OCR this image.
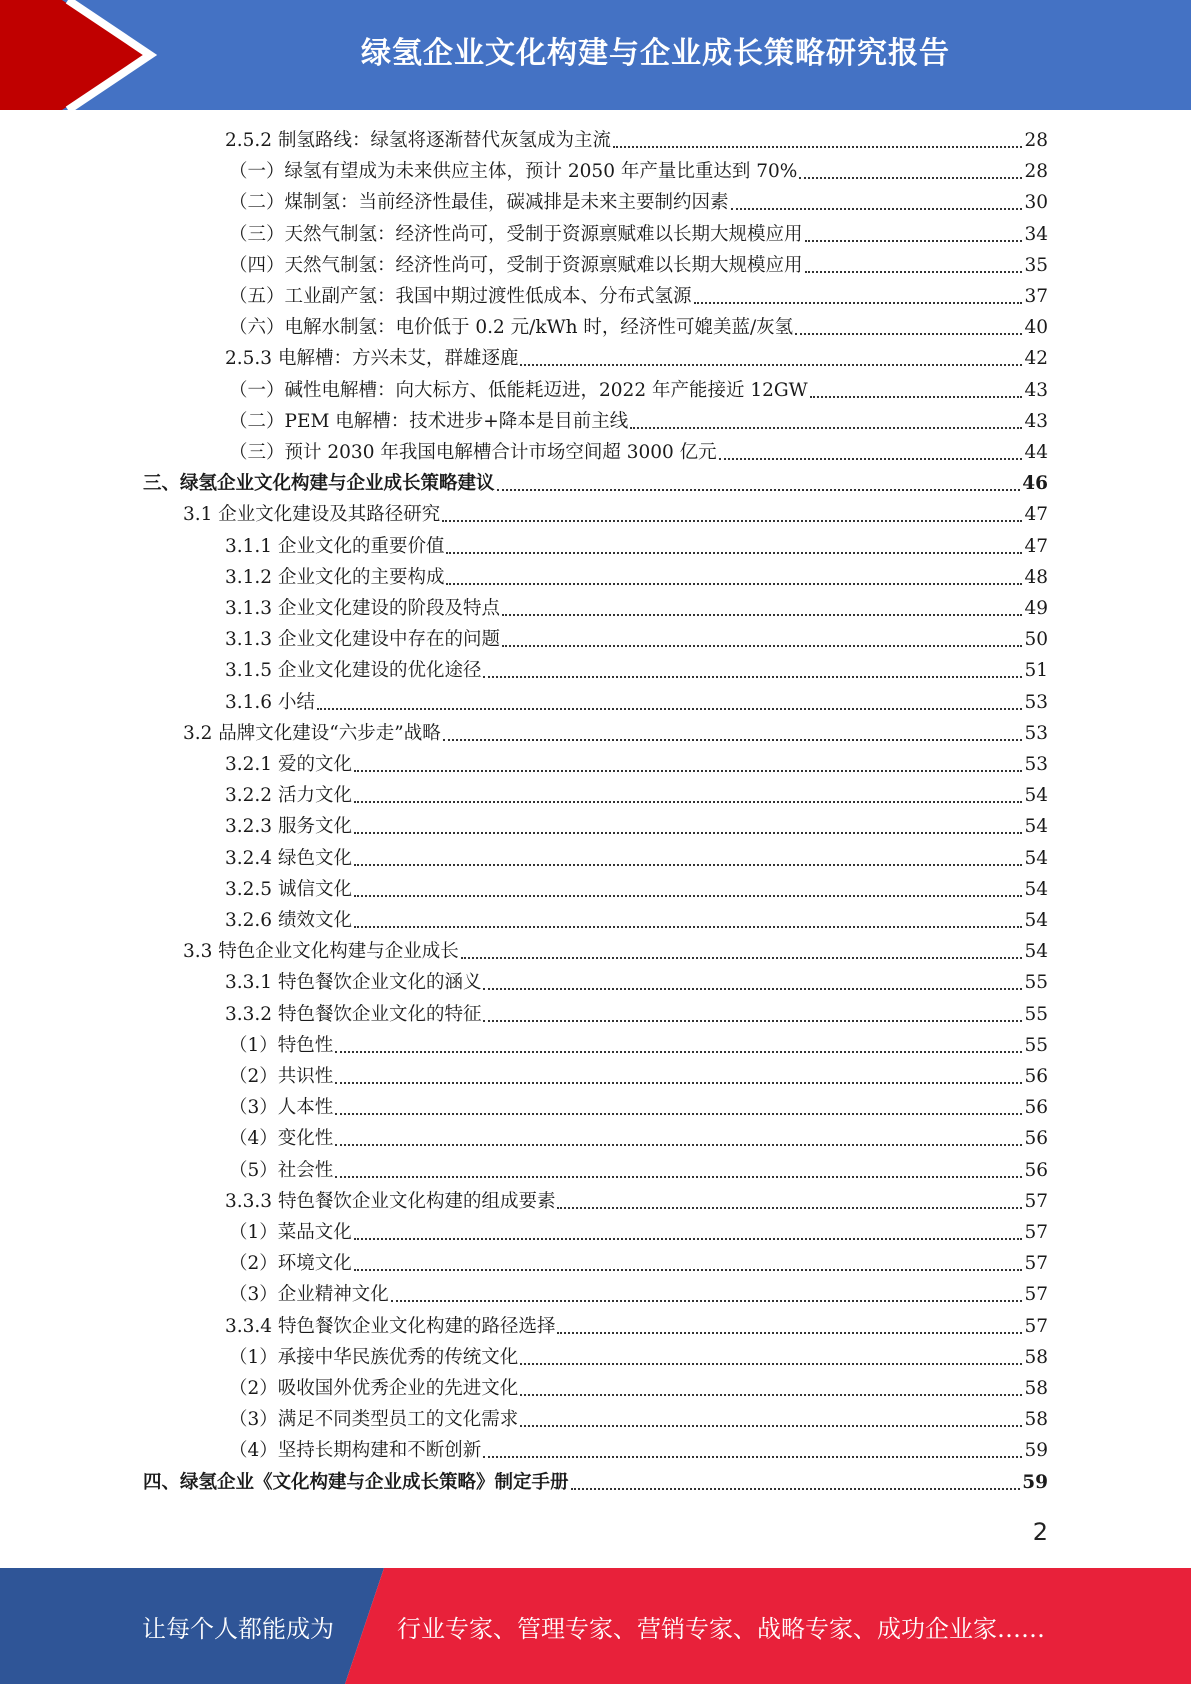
绿氢企业文化构建与企业成长策略研究报告
2.5.2 制氢路线：绿氢将逐渐替代灰氢成为主流	28
（一）绿氢有望成为未来供应主体，预计 2050 年产量比重达到 70%	28
（二）煤制氢：当前经济性最佳，碳减排是未来主要制约因素	30
（三）天然气制氢：经济性尚可，受制于资源禀赋难以长期大规模应用	34
（四）天然气制氢：经济性尚可，受制于资源禀赋难以长期大规模应用	35
（五）工业副产氢：我国中期过渡性低成本、分布式氢源	37
（六）电解水制氢：电价低于 0.2 元/kWh 时，经济性可媲美蓝/灰氢	40
2.5.3 电解槽：方兴未艾，群雄逐鹿	42
（一）碱性电解槽：向大标方、低能耗迈进，2022 年产能接近 12GW	43
（二）PEM 电解槽：技术进步+降本是目前主线	43
（三）预计 2030 年我国电解槽合计市场空间超 3000 亿元	44
三、绿氢企业文化构建与企业成长策略建议	46
3.1 企业文化建设及其路径研究	47
3.1.1 企业文化的重要价值	47
3.1.2 企业文化的主要构成	48
3.1.3 企业文化建设的阶段及特点	49
3.1.3 企业文化建设中存在的问题	50
3.1.5 企业文化建设的优化途径	51
3.1.6 小结	53
3.2 品牌文化建设“六步走”战略	53
3.2.1 爱的文化	53
3.2.2 活力文化	54
3.2.3 服务文化	54
3.2.4 绿色文化	54
3.2.5 诚信文化	54
3.2.6 绩效文化	54
3.3 特色企业文化构建与企业成长	54
3.3.1 特色餐饮企业文化的涵义	55
3.3.2 特色餐饮企业文化的特征	55
（1）特色性	55
（2）共识性	56
（3）人本性	56
（4）变化性	56
（5）社会性	56
3.3.3 特色餐饮企业文化构建的组成要素	57
（1）菜品文化	57
（2）环境文化	57
（3）企业精神文化	57
3.3.4 特色餐饮企业文化构建的路径选择	57
（1）承接中华民族优秀的传统文化	58
（2）吸收国外优秀企业的先进文化	58
（3）满足不同类型员工的文化需求	58
（4）坚持长期构建和不断创新	59
四、绿氢企业《文化构建与企业成长策略》制定手册	59
2
让每个人都能成为	行业专家、管理专家、营销专家、战略专家、成功企业家……
